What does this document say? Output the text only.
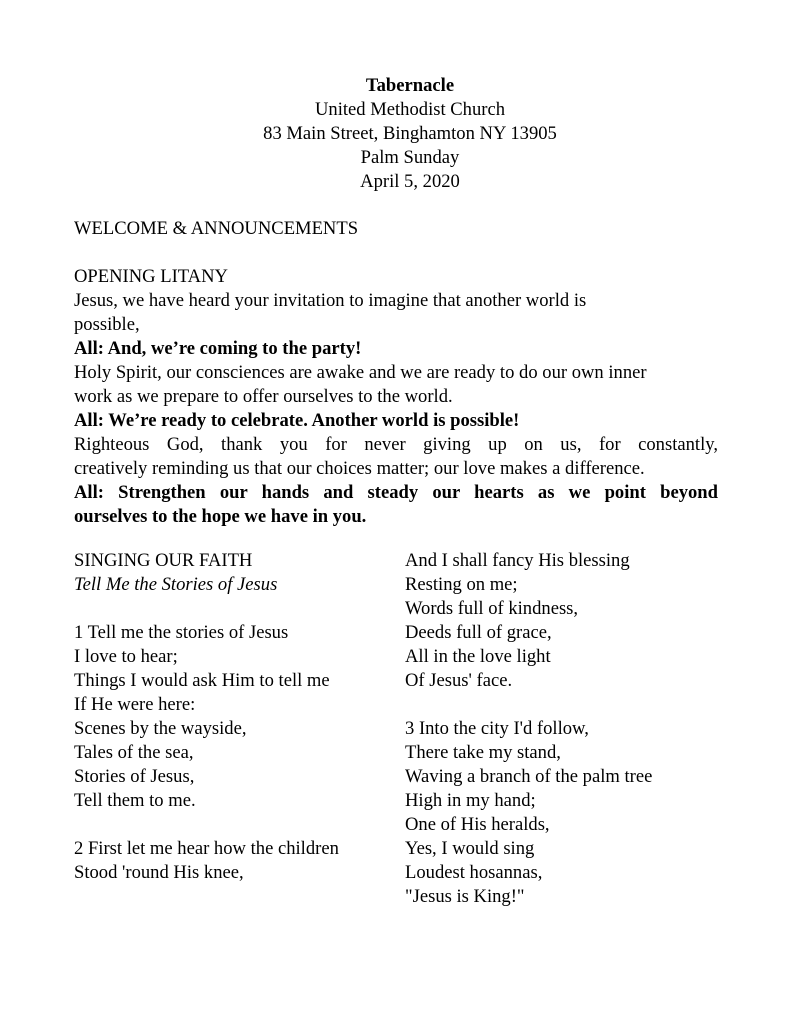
Tabernacle
United Methodist Church
83 Main Street, Binghamton NY 13905
Palm Sunday
April 5, 2020
WELCOME & ANNOUNCEMENTS
OPENING LITANY
Jesus, we have heard your invitation to imagine that another world is
possible,
All: And, we’re coming to the party!
Holy Spirit, our consciences are awake and we are ready to do our own inner
work as we prepare to offer ourselves to the world.
All: We’re ready to celebrate. Another world is possible!
Righteous God, thank you for never giving up on us, for constantly,
creatively reminding us that our choices matter; our love makes a difference.
All: Strengthen our hands and steady our hearts as we point beyond
ourselves to the hope we have in you.
SINGING OUR FAITH
Tell Me the Stories of Jesus
1 Tell me the stories of Jesus
I love to hear;
Things I would ask Him to tell me
If He were here:
Scenes by the wayside,
Tales of the sea,
Stories of Jesus,
Tell them to me.
2 First let me hear how the children
Stood 'round His knee,
And I shall fancy His blessing
Resting on me;
Words full of kindness,
Deeds full of grace,
All in the love light
Of Jesus' face.
3 Into the city I'd follow,
There take my stand,
Waving a branch of the palm tree
High in my hand;
One of His heralds,
Yes, I would sing
Loudest hosannas,
"Jesus is King!"
